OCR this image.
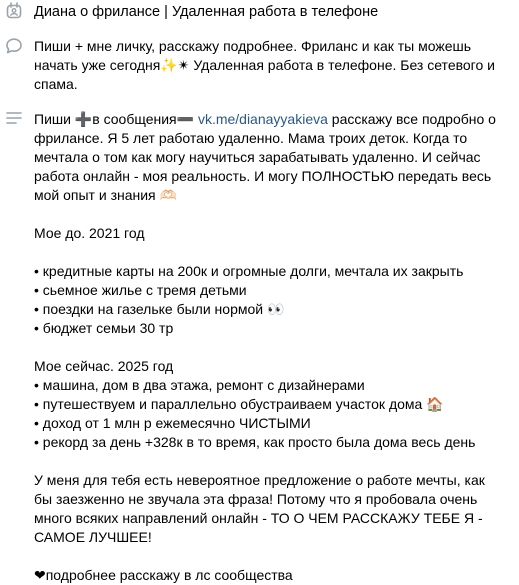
Диана о фрилансе | Удаленная работа в телефоне
Пиши + мне личку, расскажу подробнее. Фриланс и как ты можешь начать уже сегодня✨✴ Удаленная работа в телефоне. Без сетевого и спама.

Пиши ➕в сообщения➖ vk.me/dianayyakieva расскажу все подробно о фрилансе. Я 5 лет работаю удаленно. Мама троих деток. Когда то мечтала о том как могу научиться зарабатывать удаленно. И сейчас работа онлайн - моя реальность. И могу ПОЛНОСТЬЮ передать весь мой опыт и знания 🫶🏻

Мое до. 2021 год

• кредитные карты на 200к и огромные долги, мечтала их закрыть

• сьемное жилье с тремя детьми

• поездки на газельке были нормой 👀

• бюджет семьи 30 тр

Мое сейчас. 2025 год

• машина, дом в два этажа, ремонт с дизайнерами

• путешествуем и параллельно обустраиваем участок дома 🏠

• доход от 1 млн р ежемесячно ЧИСТЫМИ

• рекорд за день +328к в то время, как просто была дома весь день

У меня для тебя есть невероятное предложение о работе мечты, как бы заезженно не звучала эта фраза! Потому что я пробовала очень много всяких направлений онлайн - ТО О ЧЕМ РАССКАЖУ ТЕБЕ Я - САМОЕ ЛУЧШЕЕ!

❤подробнее расскажу в лс сообщества
